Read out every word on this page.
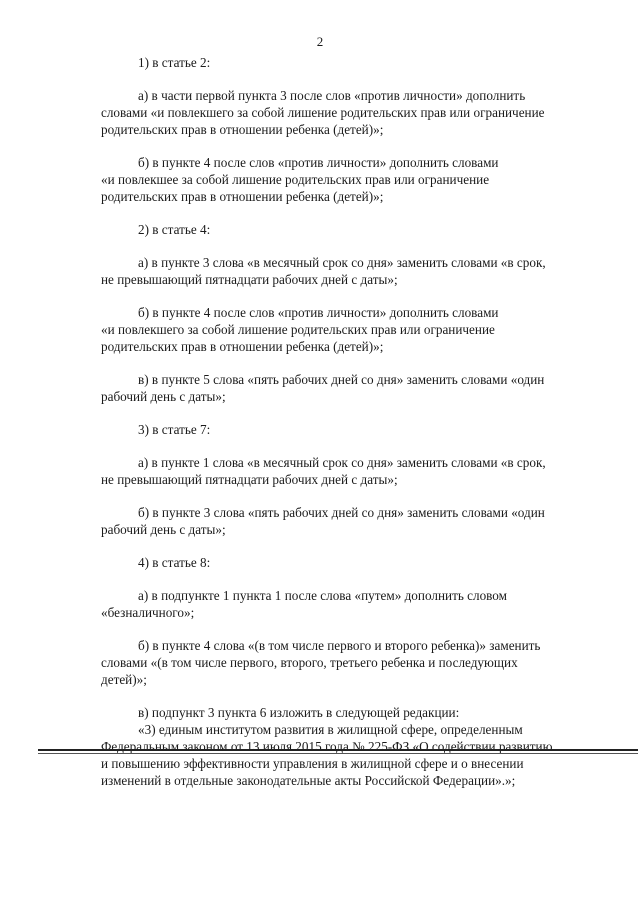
2

1) в статье 2:

а) в части первой пункта 3 после слов «против личности» дополнить
словами «и повлекшего за собой лишение родительских прав или ограничение
родительских прав в отношении ребенка (детей)»;

б) в пункте 4 после слов «против личности» дополнить словами
«и повлекшее за собой лишение родительских прав или ограничение
родительских прав в отношении ребенка (детей)»;

2) в статье 4:

а) в пункте 3 слова «в месячный срок со дня» заменить словами «в срок,
не превышающий пятнадцати рабочих дней с даты»;

б) в пункте 4 после слов «против личности» дополнить словами
«и повлекшего за собой лишение родительских прав или ограничение
родительских прав в отношении ребенка (детей)»;

в) в пункте 5 слова «пять рабочих дней со дня» заменить словами «один
рабочий день с даты»;

3) в статье 7:

а) в пункте 1 слова «в месячный срок со дня» заменить словами «в срок,
не превышающий пятнадцати рабочих дней с даты»;

б) в пункте 3 слова «пять рабочих дней со дня» заменить словами «один
рабочий день с даты»;

4) в статье 8:

а) в подпункте 1 пункта 1 после слова «путем» дополнить словом
«безналичного»;

б) в пункте 4 слова «(в том числе первого и второго ребенка)» заменить
словами «(в том числе первого, второго, третьего ребенка и последующих
детей)»;

в) подпункт 3 пункта 6 изложить в следующей редакции:

«3) единым институтом развития в жилищной сфере, определенным
Федеральным законом от 13 июля 2015 года № 225-ФЗ «О содействии развитию
и повышению эффективности управления в жилищной сфере и о внесении
изменений в отдельные законодательные акты Российской Федерации».»;
